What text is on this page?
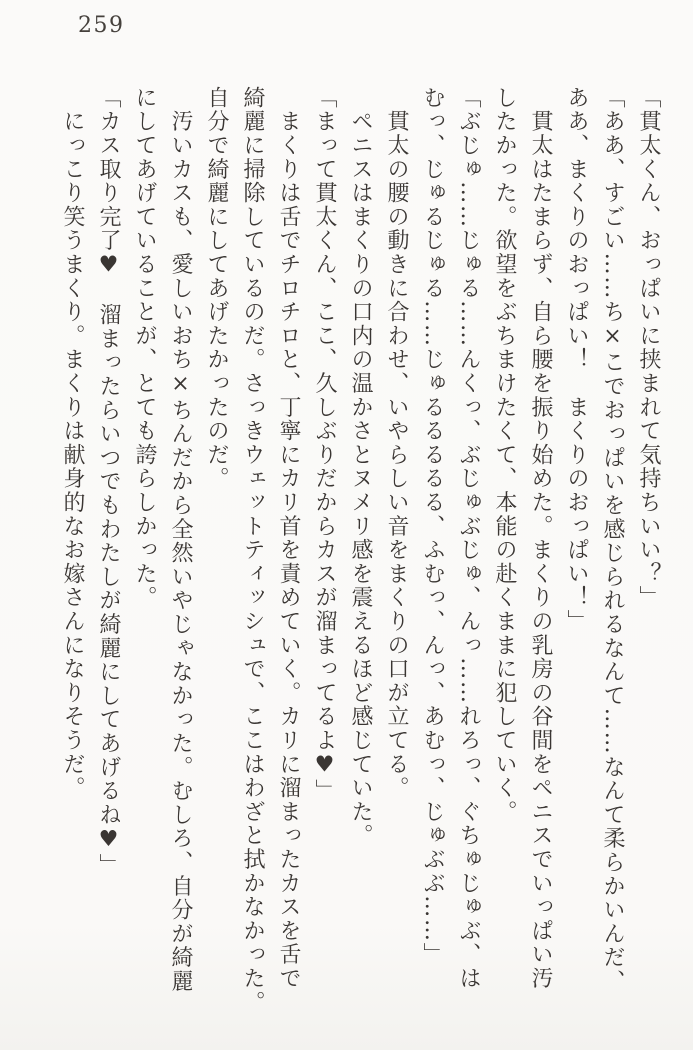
259
「貫太くん、おっぱいに挟まれて気持ちいい？」
「ああ、すごい……ち×こでおっぱいを感じられるなんて……なんて柔らかいんだ、
ああ、まくりのおっぱい！　まくりのおっぱい！」
　貫太はたまらず、自ら腰を振り始めた。まくりの乳房の谷間をペニスでいっぱい汚
したかった。欲望をぶちまけたくて、本能の赴くままに犯していく。
「ぶじゅ……じゅる……んくっ、ぶじゅぶじゅ、んっ……れろっ、ぐちゅじゅぶ、は
むっ、じゅるじゅる……じゅるるるるる、ふむっ、んっ、あむっ、じゅぶぶ……」
　貫太の腰の動きに合わせ、いやらしい音をまくりの口が立てる。
　ペニスはまくりの口内の温かさとヌメリ感を震えるほど感じていた。
「まって貫太くん、ここ、久しぶりだからカスが溜まってるよ♥」
　まくりは舌でチロチロと、丁寧にカリ首を責めていく。カリに溜まったカスを舌で
綺麗に掃除しているのだ。さっきウェットティッシュで、ここはわざと拭かなかった。
自分で綺麗にしてあげたかったのだ。
　汚いカスも、愛しいおち×ちんだから全然いやじゃなかった。むしろ、自分が綺麗
にしてあげていることが、とても誇らしかった。
「カス取り完了♥　溜まったらいつでもわたしが綺麗にしてあげるね♥」
　にっこり笑うまくり。まくりは献身的なお嫁さんになりそうだ。
